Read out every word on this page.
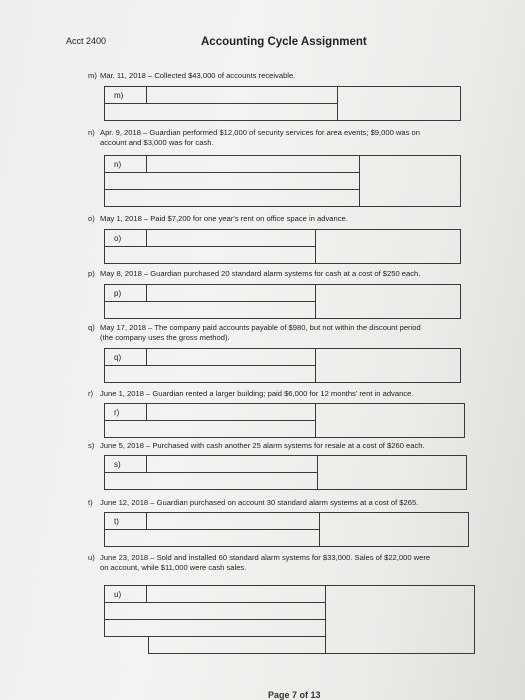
Acct 2400	Accounting Cycle Assignment
m) Mar. 11, 2018 – Collected $43,000 of accounts receivable.
m)
n) Apr. 9, 2018 – Guardian performed $12,000 of security services for area events; $9,000 was on
account and $3,000 was for cash.
n)
o) May 1, 2018 – Paid $7,200 for one year's rent on office space in advance.
o)
p) May 8, 2018 – Guardian purchased 20 standard alarm systems for cash at a cost of $250 each.
p)
q) May 17, 2018 – The company paid accounts payable of $980, but not within the discount period
(the company uses the gross method).
q)
r) June 1, 2018 – Guardian rented a larger building; paid $6,000 for 12 months' rent in advance.
r)
s) June 5, 2018 – Purchased with cash another 25 alarm systems for resale at a cost of $260 each.
s)
t) June 12, 2018 – Guardian purchased on account 30 standard alarm systems at a cost of $265.
t)
u) June 23, 2018 – Sold and installed 60 standard alarm systems for $33,000. Sales of $22,000 were
on account, while $11,000 were cash sales.
u)
Page 7 of 13
